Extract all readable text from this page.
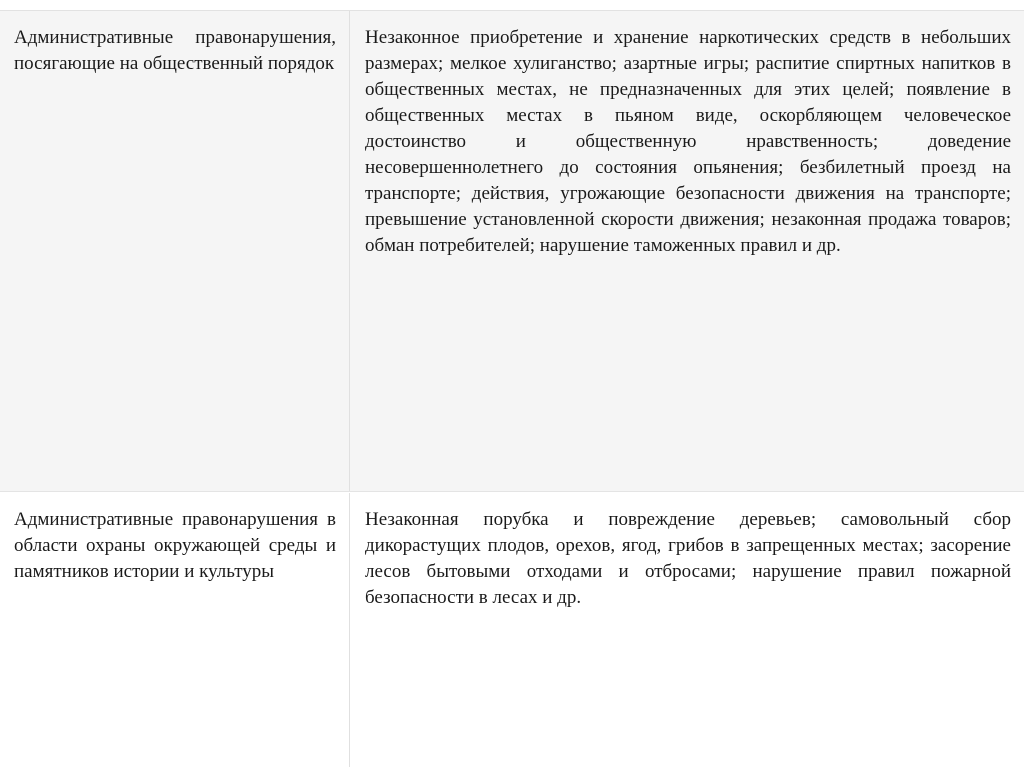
Административные правонарушения, посягающие на общественный порядок

Незаконное приобретение и хранение наркотических средств в небольших размерах; мелкое хулиганство; азартные игры; распитие спиртных напитков в общественных местах, не предназначенных для этих целей; появление в общественных местах в пьяном виде, оскорбляющем человеческое достоинство и общественную нравственность; доведение несовершеннолетнего до состояния опьянения; безбилетный проезд на транспорте; действия, угрожающие безопасности движения на транспорте; превышение установленной скорости движения; незаконная продажа товаров; обман потребителей; нарушение таможенных правил и др.

Административные правонарушения в области охраны окружающей среды и памятников истории и культуры

Незаконная порубка и повреждение деревьев; самовольный сбор дикорастущих плодов, орехов, ягод, грибов в запрещенных местах; засорение лесов бытовыми отходами и отбросами; нарушение правил пожарной безопасности в лесах и др.
